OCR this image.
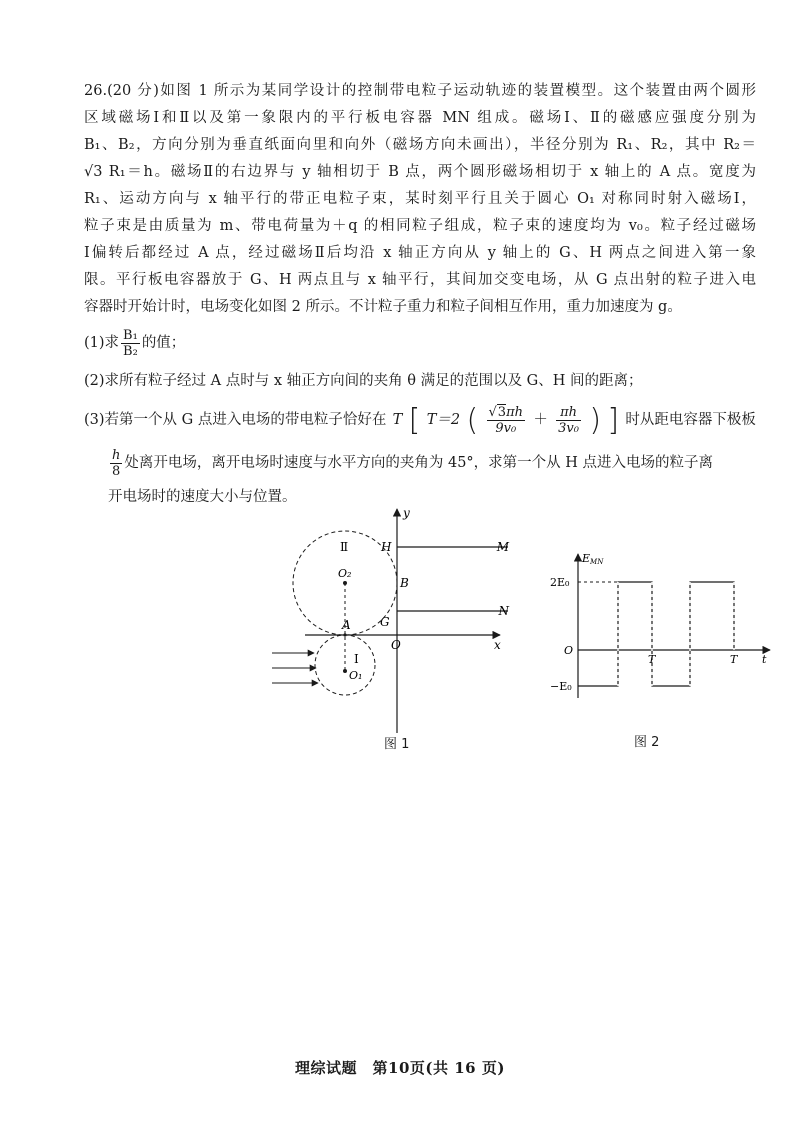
26.(20 分)如图 1 所示为某同学设计的控制带电粒子运动轨迹的装置模型。这个装置由两个圆形

区域磁场Ⅰ和Ⅱ以及第一象限内的平行板电容器 MN 组成。磁场Ⅰ、Ⅱ的磁感应强度分别为

B₁、B₂，方向分别为垂直纸面向里和向外（磁场方向未画出），半径分别为 R₁、R₂，其中 R₂＝

√3 R₁＝h。磁场Ⅱ的右边界与 y 轴相切于 B 点，两个圆形磁场相切于 x 轴上的 A 点。宽度为

R₁、运动方向与 x 轴平行的带正电粒子束，某时刻平行且关于圆心 O₁ 对称同时射入磁场Ⅰ，

粒子束是由质量为 m、带电荷量为＋q 的相同粒子组成，粒子束的速度均为 v₀。粒子经过磁场

Ⅰ偏转后都经过 A 点，经过磁场Ⅱ后均沿 x 轴正方向从 y 轴上的 G、H 两点之间进入第一象

限。平行板电容器放于 G、H 两点且与 x 轴平行，其间加交变电场，从 G 点出射的粒子进入电

容器时开始计时，电场变化如图 2 所示。不计粒子重力和粒子间相互作用，重力加速度为 g。

(1)求 $\frac{\text{B₁}}{\text{B₂}}$ 的值；

(2)求所有粒子经过 A 点时与 x 轴正方向间的夹角 θ 满足的范围以及 G、H 间的距离；

(3)若第一个从 G 点进入电场的带电粒子恰好在 T [ T＝2 ( $\frac{√3\pi h}{\text{9v₀}} + \frac{\pi h}{\text{3v₀}}$ ) ] 时从距电容器下极板
$\frac{h}{8}$ 处离开电场，离开电场时速度与水平方向的夹角为 45°，求第一个从 H 点进入电场的粒子离

开电场时的速度大小与位置。

y
x
H	M
B
G
N
O
O₂
O₁
A
Ⅱ
Ⅰ
图 1
EMN
2E₀
−E₀
O
T	T t
图 2
理综试题　第10页(共 16 页)
